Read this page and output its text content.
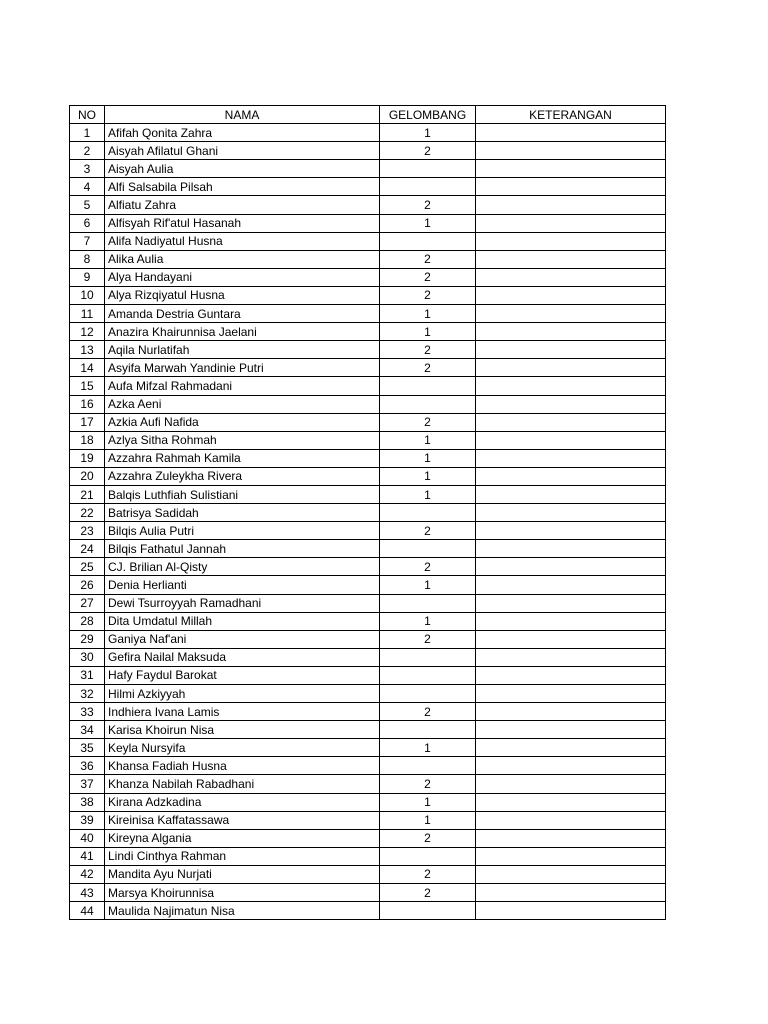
NO	NAMA	GELOMBANG	KETERANGAN
1	Afifah Qonita Zahra	1	
2	Aisyah Afilatul Ghani	2	
3	Aisyah Aulia		
4	Alfi Salsabila Pilsah		
5	Alfiatu Zahra	2	
6	Alfisyah Rif'atul Hasanah	1	
7	Alifa Nadiyatul Husna		
8	Alika Aulia	2	
9	Alya Handayani	2	
10	Alya Rizqiyatul Husna	2	
11	Amanda Destria Guntara	1	
12	Anazira Khairunnisa Jaelani	1	
13	Aqila Nurlatifah	2	
14	Asyifa Marwah Yandinie Putri	2	
15	Aufa Mifzal Rahmadani		
16	Azka Aeni		
17	Azkia Aufi Nafida	2	
18	Azlya Sitha Rohmah	1	
19	Azzahra Rahmah Kamila	1	
20	Azzahra Zuleykha Rivera	1	
21	Balqis Luthfiah Sulistiani	1	
22	Batrisya Sadidah		
23	Bilqis Aulia Putri	2	
24	Bilqis Fathatul Jannah		
25	CJ. Brilian Al-Qisty	2	
26	Denia Herlianti	1	
27	Dewi Tsurroyyah Ramadhani		
28	Dita Umdatul Millah	1	
29	Ganiya Naf'ani	2	
30	Gefira Nailal Maksuda		
31	Hafy Faydul Barokat		
32	Hilmi Azkiyyah		
33	Indhiera Ivana Lamis	2	
34	Karisa Khoirun Nisa		
35	Keyla Nursyifa	1	
36	Khansa Fadiah Husna		
37	Khanza Nabilah Rabadhani	2	
38	Kirana Adzkadina	1	
39	Kireinisa Kaffatassawa	1	
40	Kireyna Algania	2	
41	Lindi Cinthya Rahman		
42	Mandita Ayu Nurjati	2	
43	Marsya Khoirunnisa	2	
44	Maulida Najimatun Nisa		
